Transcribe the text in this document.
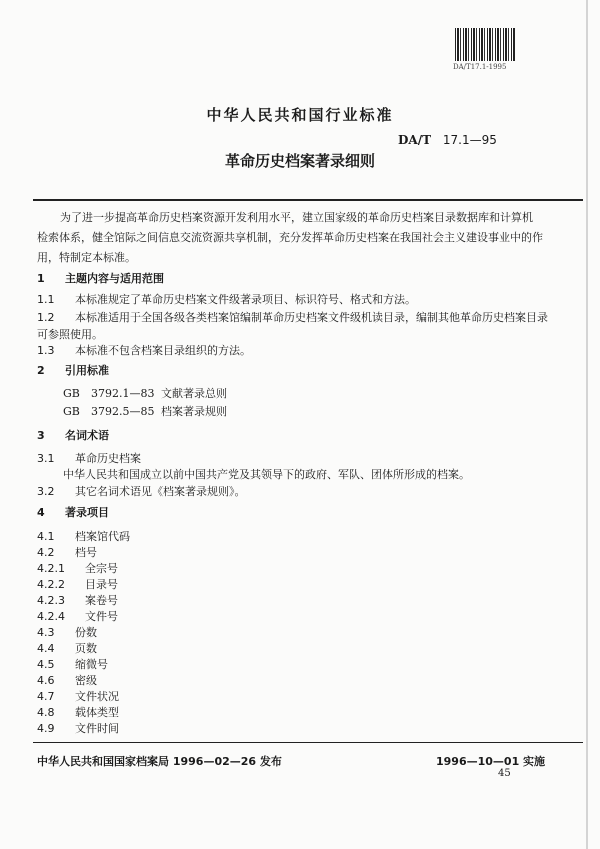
DA/T17.1-1995
中华人民共和国行业标准
DA/T 17.1—95
革命历史档案著录细则
为了进一步提高革命历史档案资源开发利用水平，建立国家级的革命历史档案目录数据库和计算机
检索体系，健全馆际之间信息交流资源共享机制，充分发挥革命历史档案在我国社会主义建设事业中的作
用，特制定本标准。
1 主题内容与适用范围
1.1 本标准规定了革命历史档案文件级著录项目、标识符号、格式和方法。
1.2 本标准适用于全国各级各类档案馆编制革命历史档案文件级机读目录，编制其他革命历史档案目录
可参照使用。
1.3 本标准不包含档案目录组织的方法。
2 引用标准
GB 3792.1—83 文献著录总则
GB 3792.5—85 档案著录规则
3 名词术语
3.1 革命历史档案
中华人民共和国成立以前中国共产党及其领导下的政府、军队、团体所形成的档案。
3.2 其它名词术语见《档案著录规则》。
4 著录项目
4.1 档案馆代码
4.2 档号
4.2.1 全宗号
4.2.2 目录号
4.2.3 案卷号
4.2.4 文件号
4.3 份数
4.4 页数
4.5 缩微号
4.6 密级
4.7 文件状况
4.8 载体类型
4.9 文件时间
中华人民共和国国家档案局 1996—02—26 发布	1996—10—01 实施
45
